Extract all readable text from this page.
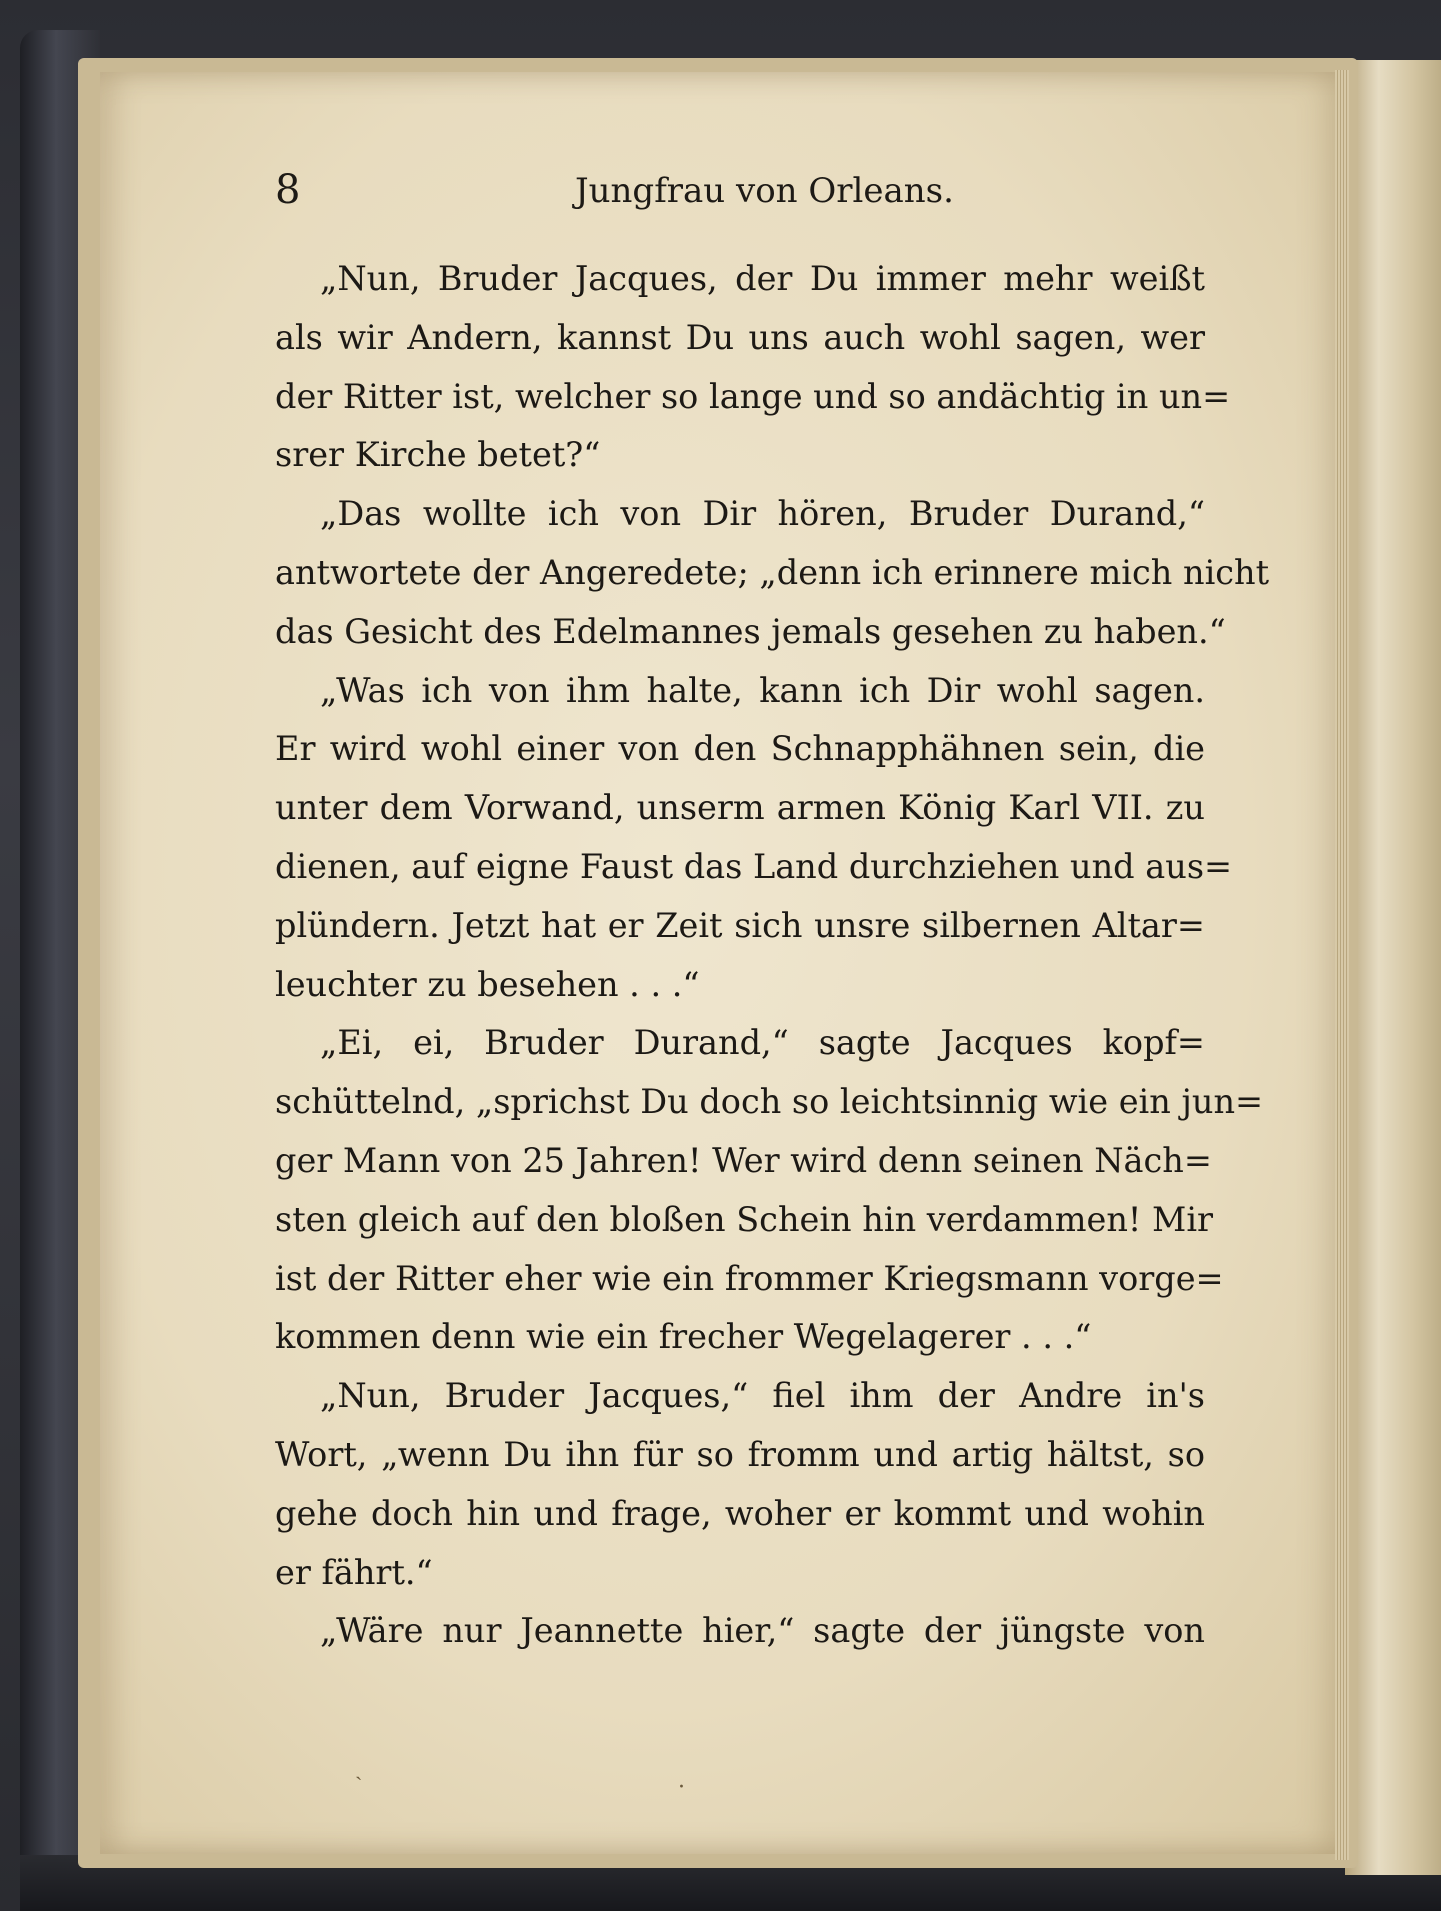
8	Jungfrau von Orleans.
„Nun, Bruder Jacques, der Du immer mehr weißt
als wir Andern, kannst Du uns auch wohl sagen, wer
der Ritter ist, welcher so lange und so andächtig in un=
srer Kirche betet?“
„Das wollte ich von Dir hören, Bruder Durand,“
antwortete der Angeredete; „denn ich erinnere mich nicht
das Gesicht des Edelmannes jemals gesehen zu haben.“
„Was ich von ihm halte, kann ich Dir wohl sagen.
Er wird wohl einer von den Schnapphähnen sein, die
unter dem Vorwand, unserm armen König Karl VII. zu
dienen, auf eigne Faust das Land durchziehen und aus=
plündern. Jetzt hat er Zeit sich unsre silbernen Altar=
leuchter zu besehen . . .“
„Ei, ei, Bruder Durand,“ sagte Jacques kopf=
schüttelnd, „sprichst Du doch so leichtsinnig wie ein jun=
ger Mann von 25 Jahren! Wer wird denn seinen Näch=
sten gleich auf den bloßen Schein hin verdammen! Mir
ist der Ritter eher wie ein frommer Kriegsmann vorge=
kommen denn wie ein frecher Wegelagerer . . .“
„Nun, Bruder Jacques,“ fiel ihm der Andre in's
Wort, „wenn Du ihn für so fromm und artig hältst, so
gehe doch hin und frage, woher er kommt und wohin
er fährt.“
„Wäre nur Jeannette hier,“ sagte der jüngste von
ˎ
·
